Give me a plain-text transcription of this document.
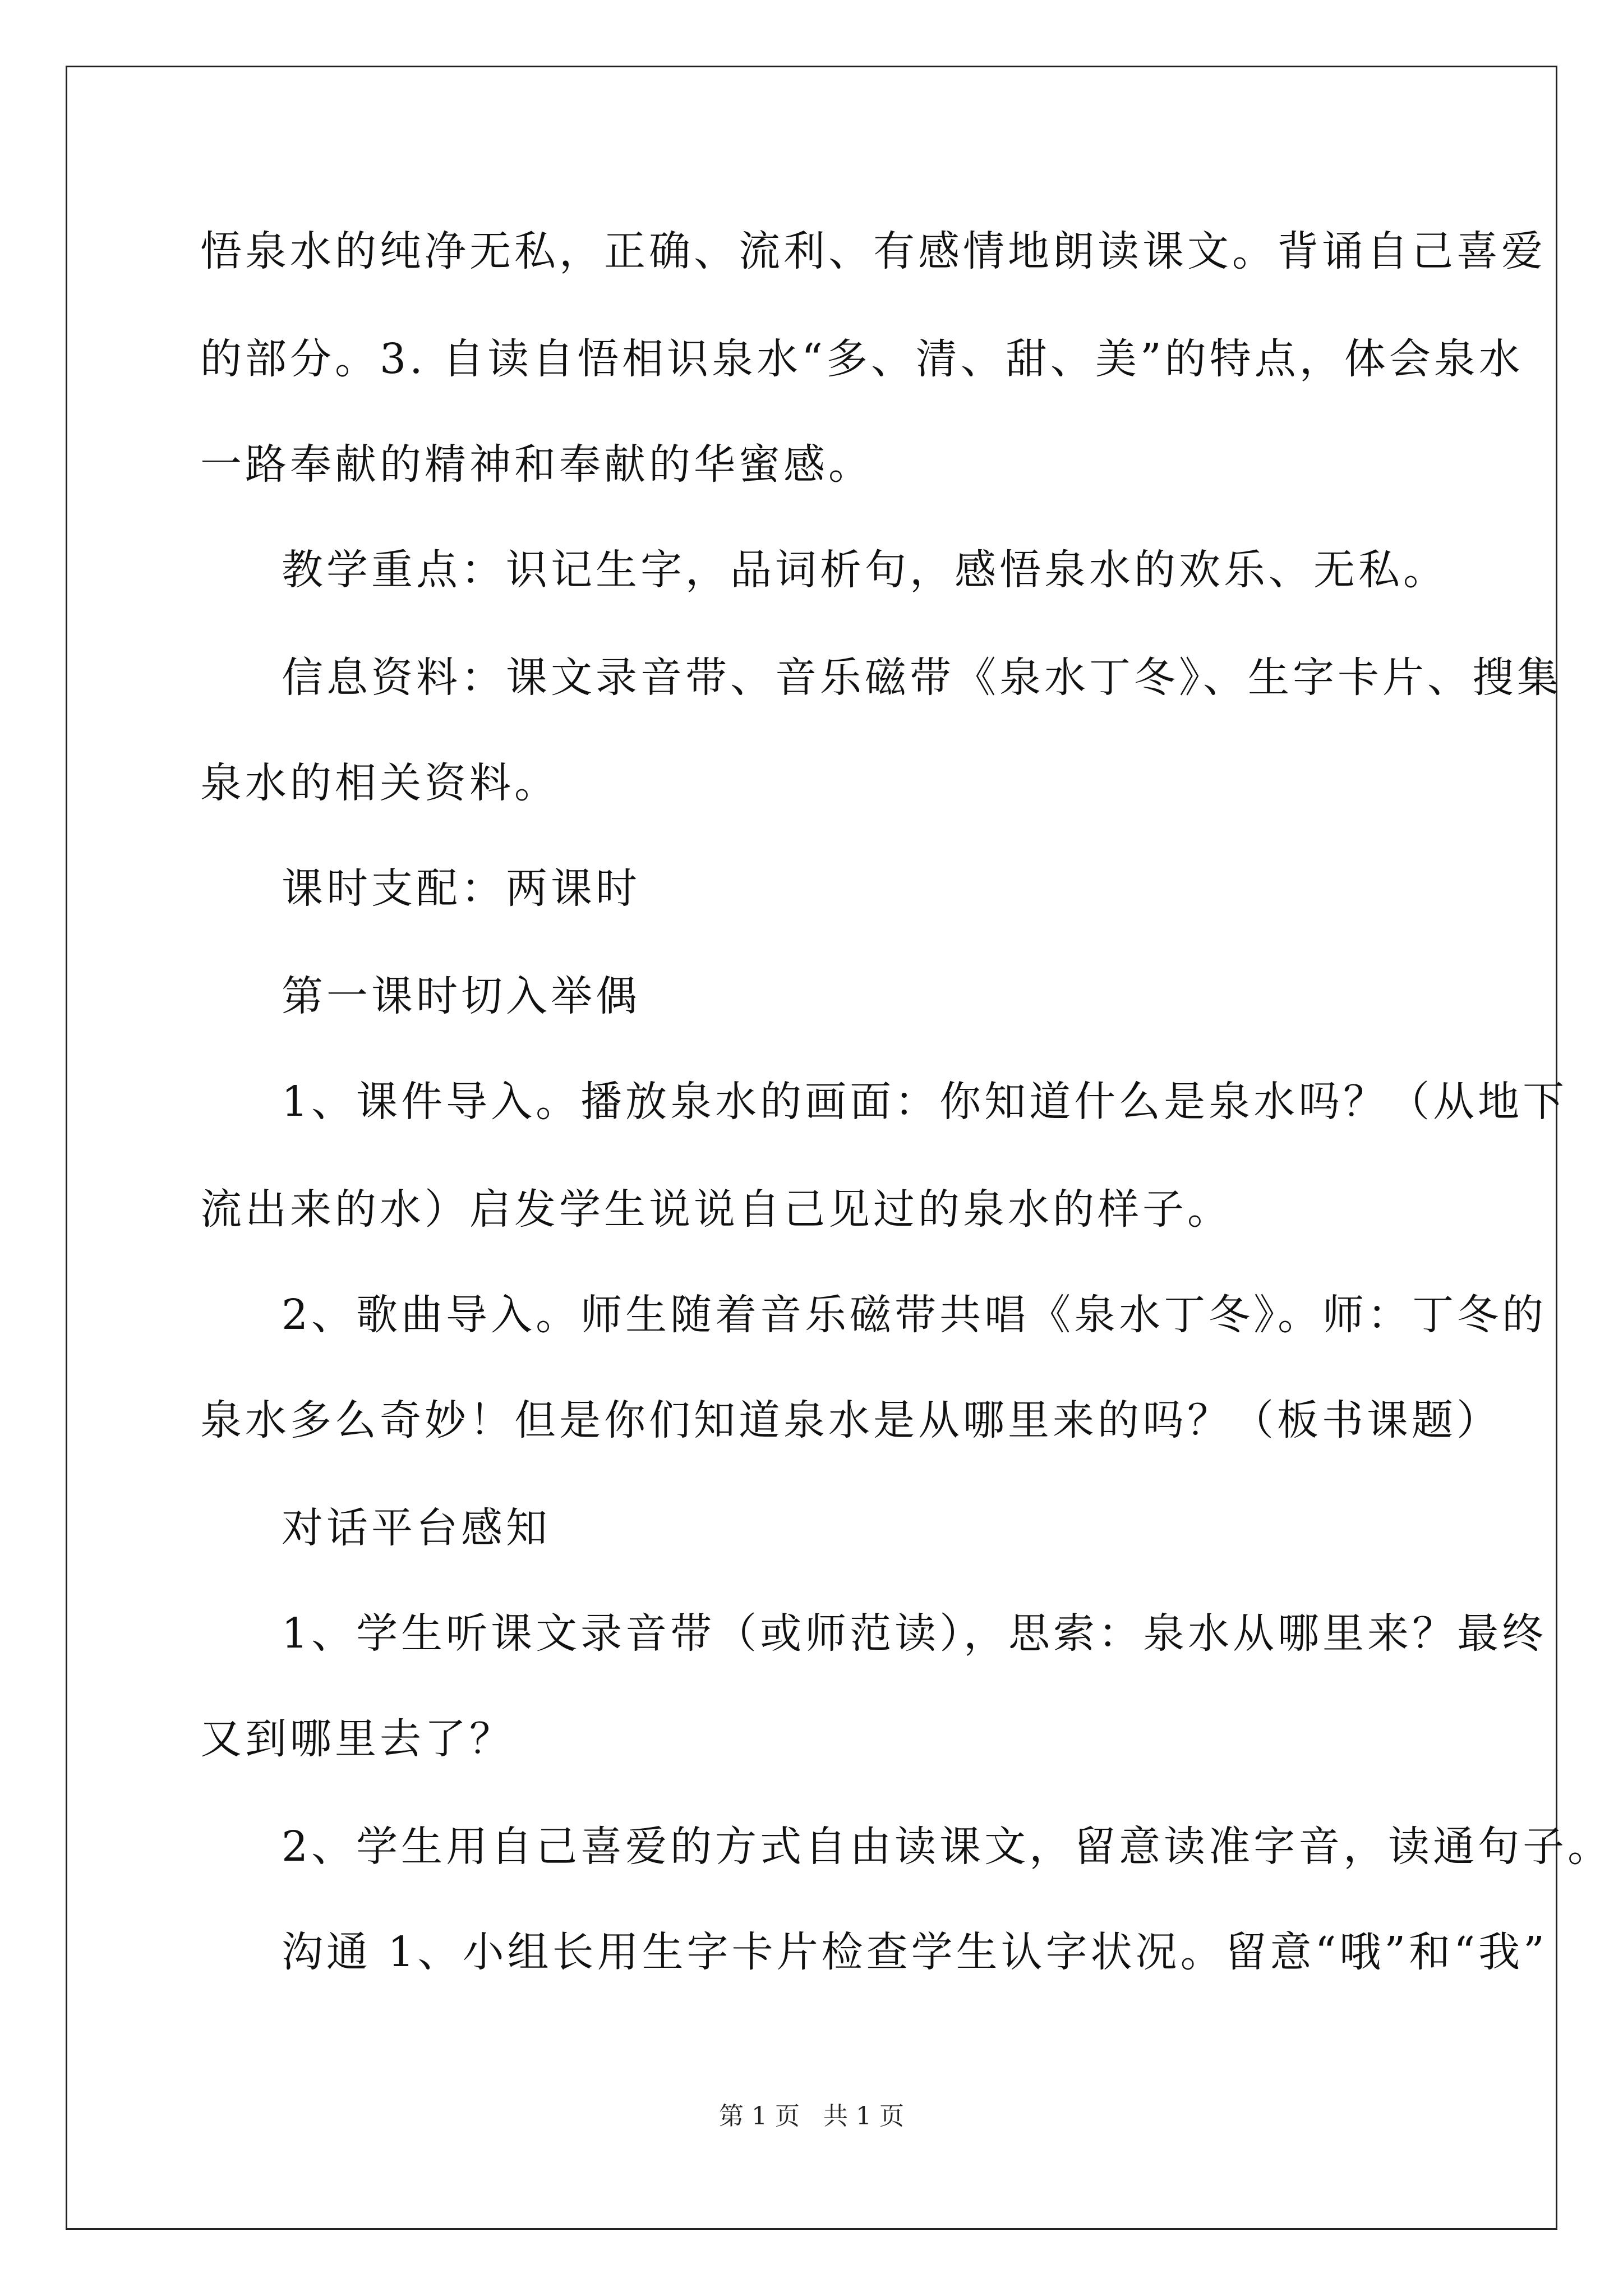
悟泉水的纯净无私，正确、流利、有感情地朗读课文。背诵自己喜爱
的部分。3. 自读自悟相识泉水“多、清、甜、美”的特点，体会泉水
一路奉献的精神和奉献的华蜜感。
教学重点：识记生字，品词析句，感悟泉水的欢乐、无私。
信息资料：课文录音带、音乐磁带《泉水丁冬》、生字卡片、搜集
泉水的相关资料。
课时支配：两课时
第一课时切入举偶
1、课件导入。播放泉水的画面：你知道什么是泉水吗？（从地下
流出来的水）启发学生说说自己见过的泉水的样子。
2、歌曲导入。师生随着音乐磁带共唱《泉水丁冬》。师：丁冬的
泉水多么奇妙！但是你们知道泉水是从哪里来的吗？（板书课题）
对话平台感知
1、学生听课文录音带（或师范读），思索：泉水从哪里来？最终
又到哪里去了？
2、学生用自己喜爱的方式自由读课文，留意读准字音，读通句子。
沟通 1、小组长用生字卡片检查学生认字状况。留意“哦”和“我”
第 1 页   共 1 页
